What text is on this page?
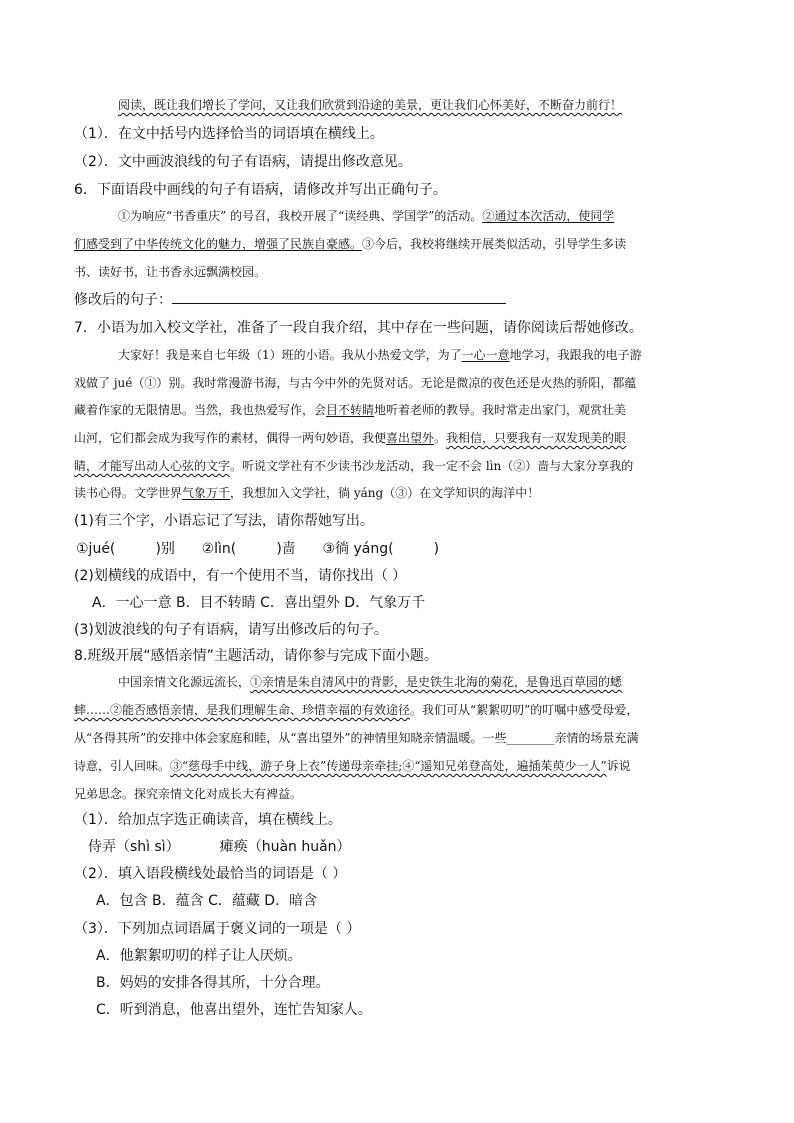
阅读，既让我们增长了学问，又让我们欣赏到沿途的美景，更让我们心怀美好，不断奋力前行！
（1）．在文中括号内选择恰当的词语填在横线上。
（2）．文中画波浪线的句子有语病，请提出修改意见。
6．下面语段中画线的句子有语病，请修改并写出正确句子。
①为响应“书香重庆” 的号召，我校开展了“读经典、学国学”的活动。②通过本次活动，使同学
们感受到了中华传统文化的魅力，增强了民族自豪感。③今后，我校将继续开展类似活动，引导学生多读
书、读好书，让书香永远飘满校园。
修改后的句子：
7．小语为加入校文学社，准备了一段自我介绍，其中存在一些问题，请你阅读后帮她修改。
大家好！我是来自七年级（1）班的小语。我从小热爱文学，为了一心一意地学习，我跟我的电子游
戏做了 jué（①）别。我时常漫游书海，与古今中外的先贤对话。无论是微凉的夜色还是火热的骄阳，都蕴
藏着作家的无限情思。当然，我也热爱写作，会目不转睛地听着老师的教导。我时常走出家门，观赏壮美
山河，它们都会成为我写作的素材，偶得一两句妙语，我便喜出望外。我相信，只要我有一双发现美的眼
睛，才能写出动人心弦的文字。听说文学社有不少读书沙龙活动，我一定不会 lìn（②）啬与大家分享我的
读书心得。文学世界气象万千，我想加入文学社，徜 yáng（③）在文学知识的海洋中！
(1)有三个字，小语忘记了写法，请你帮她写出。
①jué(         )别      ②lìn(         )啬      ③徜 yáng(         )
(2)划横线的成语中，有一个使用不当，请你找出（ ）
A．一心一意 B．目不转睛 C．喜出望外 D．气象万千
(3)划波浪线的句子有语病，请写出修改后的句子。
8.班级开展“感悟亲情”主题活动，请你参与完成下面小题。
中国亲情文化源远流长，①亲情是朱自清风中的背影，是史铁生北海的菊花，是鲁迅百草园的蟋
蟀……②能否感悟亲情，是我们理解生命、珍惜幸福的有效途径。我们可从“絮絮叨叨”的叮嘱中感受母爱，
从“各得其所”的安排中体会家庭和睦，从“喜出望外”的神情里知晓亲情温暖。一些________亲情的场景充满
诗意，引人回味。③“慈母手中线，游子身上衣”传递母亲牵挂;④“遥知兄弟登高处，遍插茱萸少一人”诉说
兄弟思念。探究亲情文化对成长大有裨益。
（1）．给加点字选正确读音，填在横线上。
侍弄（shì sì）	瘫痪（huàn huǎn）
（2）．填入语段横线处最恰当的词语是（ ）
A．包含 B．蕴含 C．蕴藏 D．暗含
（3）．下列加点词语属于褒义词的一项是（ ）
A．他絮絮叨叨的样子让人厌烦。
B．妈妈的安排各得其所，十分合理。
C．听到消息，他喜出望外，连忙告知家人。
